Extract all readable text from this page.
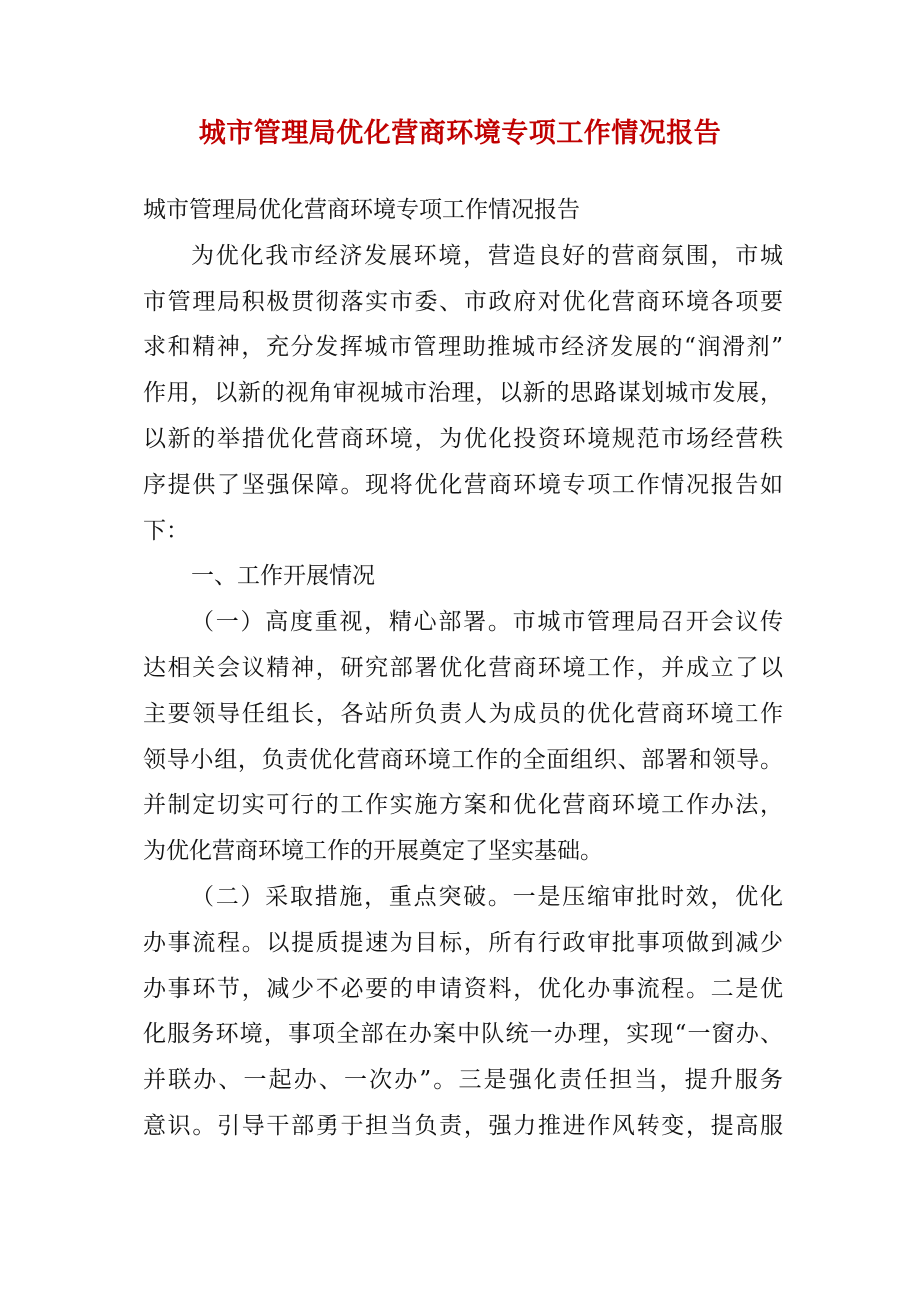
城市管理局优化营商环境专项工作情况报告
城市管理局优化营商环境专项工作情况报告
为优化我市经济发展环境，营造良好的营商氛围，市城
市管理局积极贯彻落实市委、市政府对优化营商环境各项要
求和精神，充分发挥城市管理助推城市经济发展的“润滑剂”
作用，以新的视角审视城市治理，以新的思路谋划城市发展，
以新的举措优化营商环境，为优化投资环境规范市场经营秩
序提供了坚强保障。现将优化营商环境专项工作情况报告如
下：
一、工作开展情况
（一）高度重视，精心部署。市城市管理局召开会议传
达相关会议精神，研究部署优化营商环境工作，并成立了以
主要领导任组长，各站所负责人为成员的优化营商环境工作
领导小组，负责优化营商环境工作的全面组织、部署和领导。
并制定切实可行的工作实施方案和优化营商环境工作办法，
为优化营商环境工作的开展奠定了坚实基础。
（二）采取措施，重点突破。一是压缩审批时效，优化
办事流程。以提质提速为目标，所有行政审批事项做到减少
办事环节，减少不必要的申请资料，优化办事流程。二是优
化服务环境，事项全部在办案中队统一办理，实现“一窗办、
并联办、一起办、一次办”。三是强化责任担当，提升服务
意识。引导干部勇于担当负责，强力推进作风转变，提高服
